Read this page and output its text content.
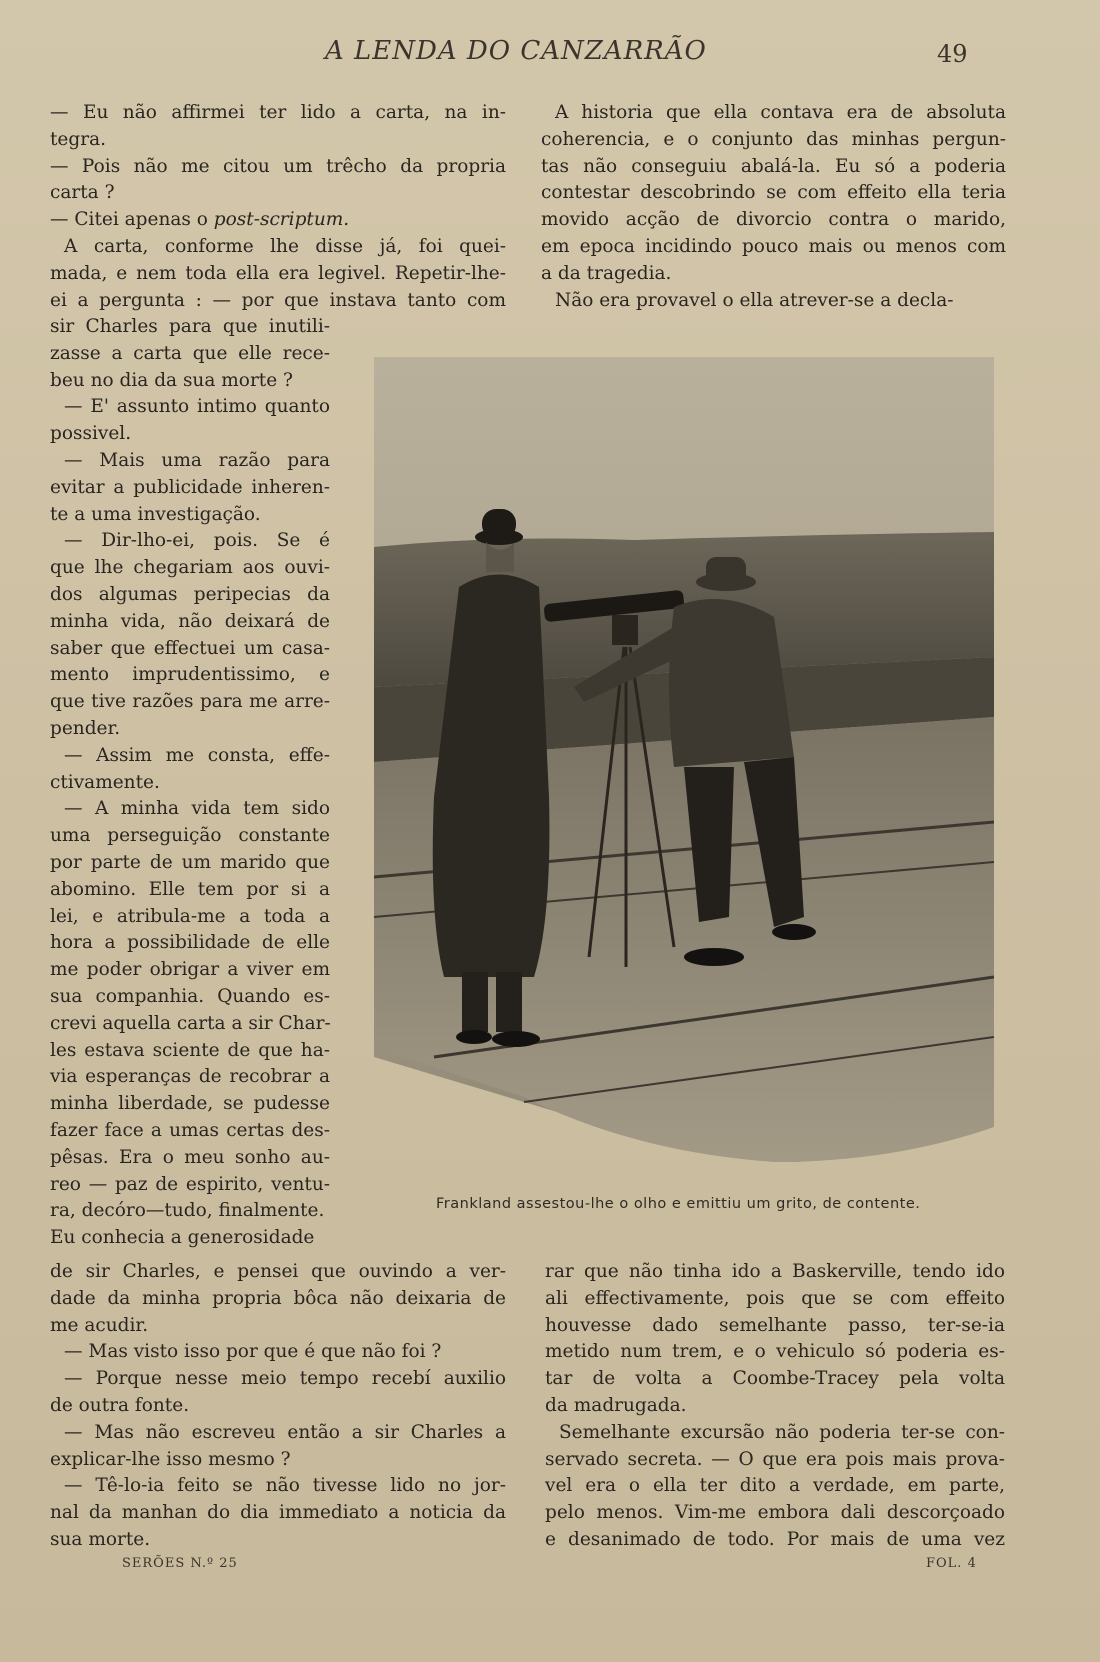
A LENDA DO CANZARRÃO	49
— Eu não affirmei ter lido a carta, na in-
tegra.
— Pois não me citou um trêcho da propria
carta ?
— Citei apenas o post-scriptum.
A carta, conforme lhe disse já, foi quei-
mada, e nem toda ella era legivel. Repetir-lhe-
ei a pergunta : — por que instava tanto com
sir Charles para que inutili-
zasse a carta que elle rece-
beu no dia da sua morte ?
— E' assunto intimo quanto
possivel.
— Mais uma razão para
evitar a publicidade inheren-
te a uma investigação.
— Dir-lho-ei, pois. Se é
que lhe chegariam aos ouvi-
dos algumas peripecias da
minha vida, não deixará de
saber que effectuei um casa-
mento imprudentissimo, e
que tive razões para me arre-
pender.
— Assim me consta, effe-
ctivamente.
— A minha vida tem sido
uma perseguição constante
por parte de um marido que
abomino. Elle tem por si a
lei, e atribula-me a toda a
hora a possibilidade de elle
me poder obrigar a viver em
sua companhia. Quando es-
crevi aquella carta a sir Char-
les estava sciente de que ha-
via esperanças de recobrar a
minha liberdade, se pudesse
fazer face a umas certas des-
pêsas. Era o meu sonho au-
reo — paz de espirito, ventu-
ra, decóro—tudo, finalmente.
Eu conhecia a generosidade
de sir Charles, e pensei que ouvindo a ver-
dade da minha propria bôca não deixaria de
me acudir.
— Mas visto isso por que é que não foi ?
— Porque nesse meio tempo recebí auxilio
de outra fonte.
— Mas não escreveu então a sir Charles a
explicar-lhe isso mesmo ?
— Tê-lo-ia feito se não tivesse lido no jor-
nal da manhan do dia immediato a noticia da
sua morte.
A historia que ella contava era de absoluta
coherencia, e o conjunto das minhas pergun-
tas não conseguiu abalá-la. Eu só a poderia
contestar descobrindo se com effeito ella teria
movido acção de divorcio contra o marido,
em epoca incidindo pouco mais ou menos com
a da tragedia.
Não era provavel o ella atrever-se a decla-
Frankland assestou-lhe o olho e emittiu um grito, de contente.
rar que não tinha ido a Baskerville, tendo ido
ali effectivamente, pois que se com effeito
houvesse dado semelhante passo, ter-se-ia
metido num trem, e o vehiculo só poderia es-
tar de volta a Coombe-Tracey pela volta
da madrugada.
Semelhante excursão não poderia ter-se con-
servado secreta. — O que era pois mais prova-
vel era o ella ter dito a verdade, em parte,
pelo menos. Vim-me embora dali descorçoado
e desanimado de todo. Por mais de uma vez
SERÕES N.º 25	FOL. 4
